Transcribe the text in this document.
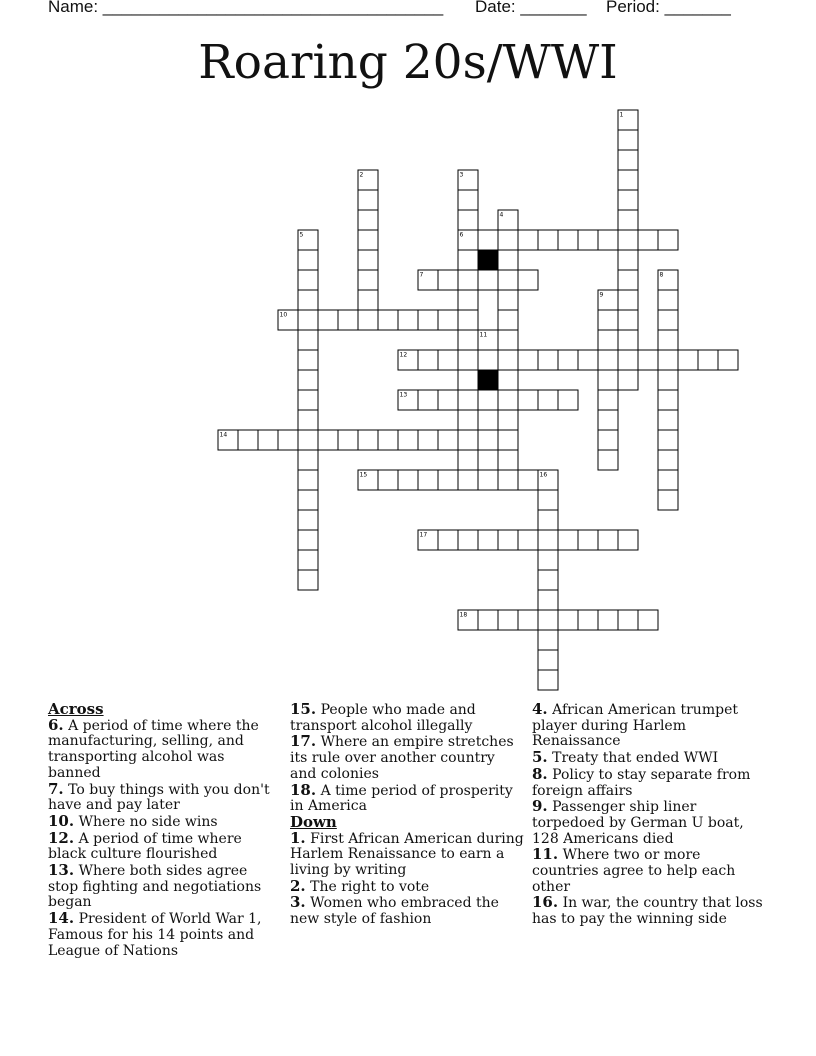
Name: ____________________________________ Date: _______ Period: _______
Roaring 20s/WWI
1
2	3
4
5	6
7	8
9
10
11
12
13
14
15	16
17
18
Across
6. A period of time where the manufacturing, selling, and transporting alcohol was banned
7. To buy things with you don't have and pay later
10. Where no side wins
12. A period of time where black culture flourished
13. Where both sides agree stop fighting and negotiations began
14. President of World War 1, Famous for his 14 points and League of Nations
15. People who made and transport alcohol illegally
17. Where an empire stretches its rule over another country and colonies
18. A time period of prosperity in America
Down
1. First African American during Harlem Renaissance to earn a living by writing
2. The right to vote
3. Women who embraced the new style of fashion
4. African American trumpet player during Harlem Renaissance
5. Treaty that ended WWI
8. Policy to stay separate from foreign affairs
9. Passenger ship liner torpedoed by German U boat, 128 Americans died
11. Where two or more countries agree to help each other
16. In war, the country that loss has to pay the winning side
